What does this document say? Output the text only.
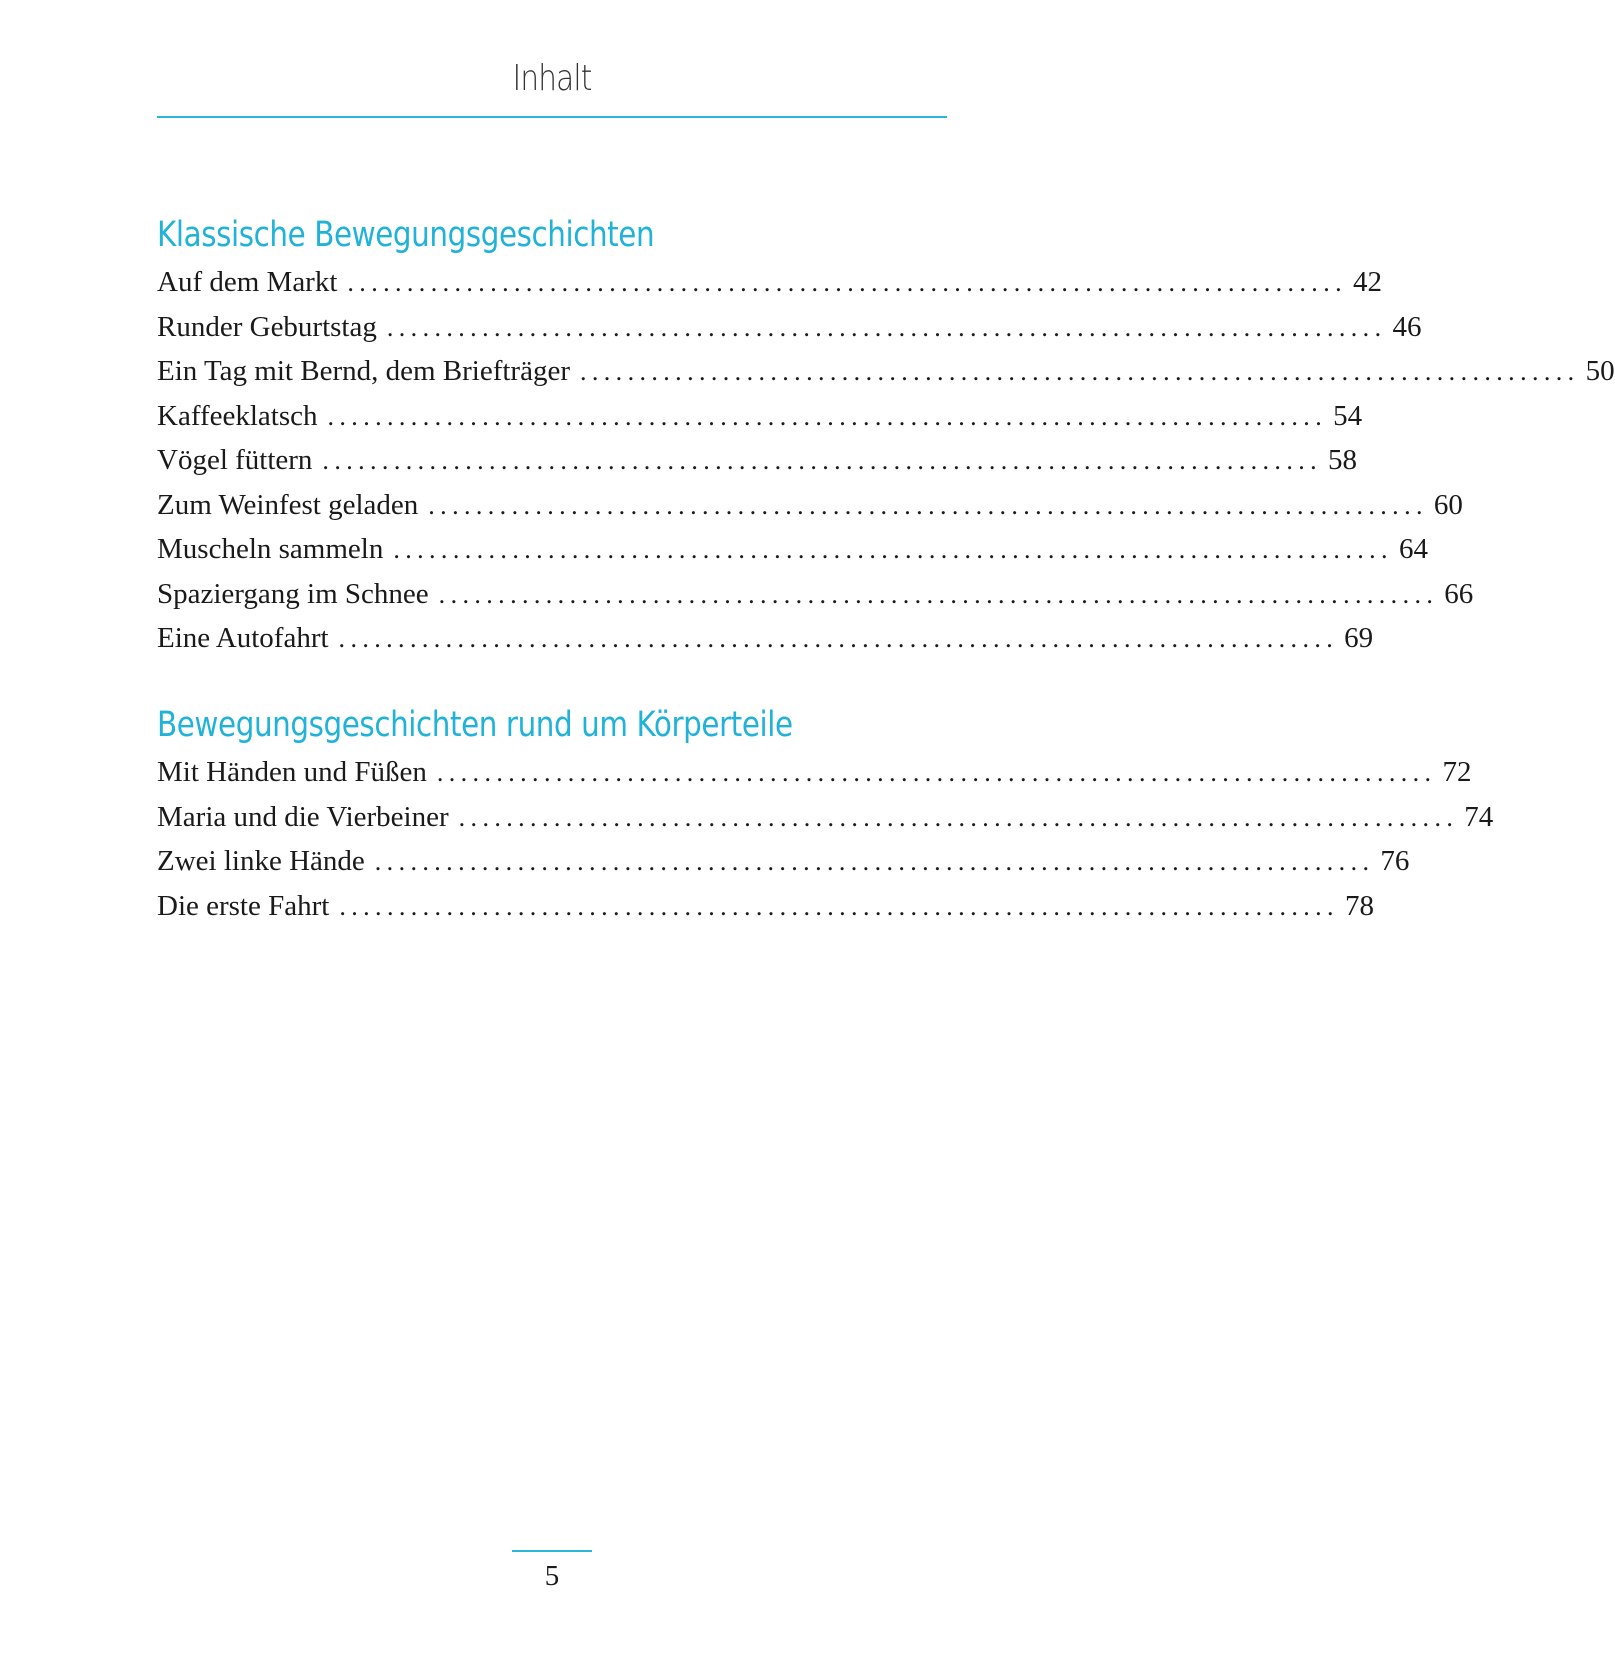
Inhalt
Klassische Bewegungsgeschichten
Auf dem Markt .................................................................................... 42
Runder Geburtstag .................................................................................... 46
Ein Tag mit Bernd, dem Briefträger .................................................................................... 50
Kaffeeklatsch .................................................................................... 54
Vögel füttern .................................................................................... 58
Zum Weinfest geladen .................................................................................... 60
Muscheln sammeln .................................................................................... 64
Spaziergang im Schnee .................................................................................... 66
Eine Autofahrt .................................................................................... 69
Bewegungsgeschichten rund um Körperteile
Mit Händen und Füßen .................................................................................... 72
Maria und die Vierbeiner .................................................................................... 74
Zwei linke Hände .................................................................................... 76
Die erste Fahrt .................................................................................... 78
5
